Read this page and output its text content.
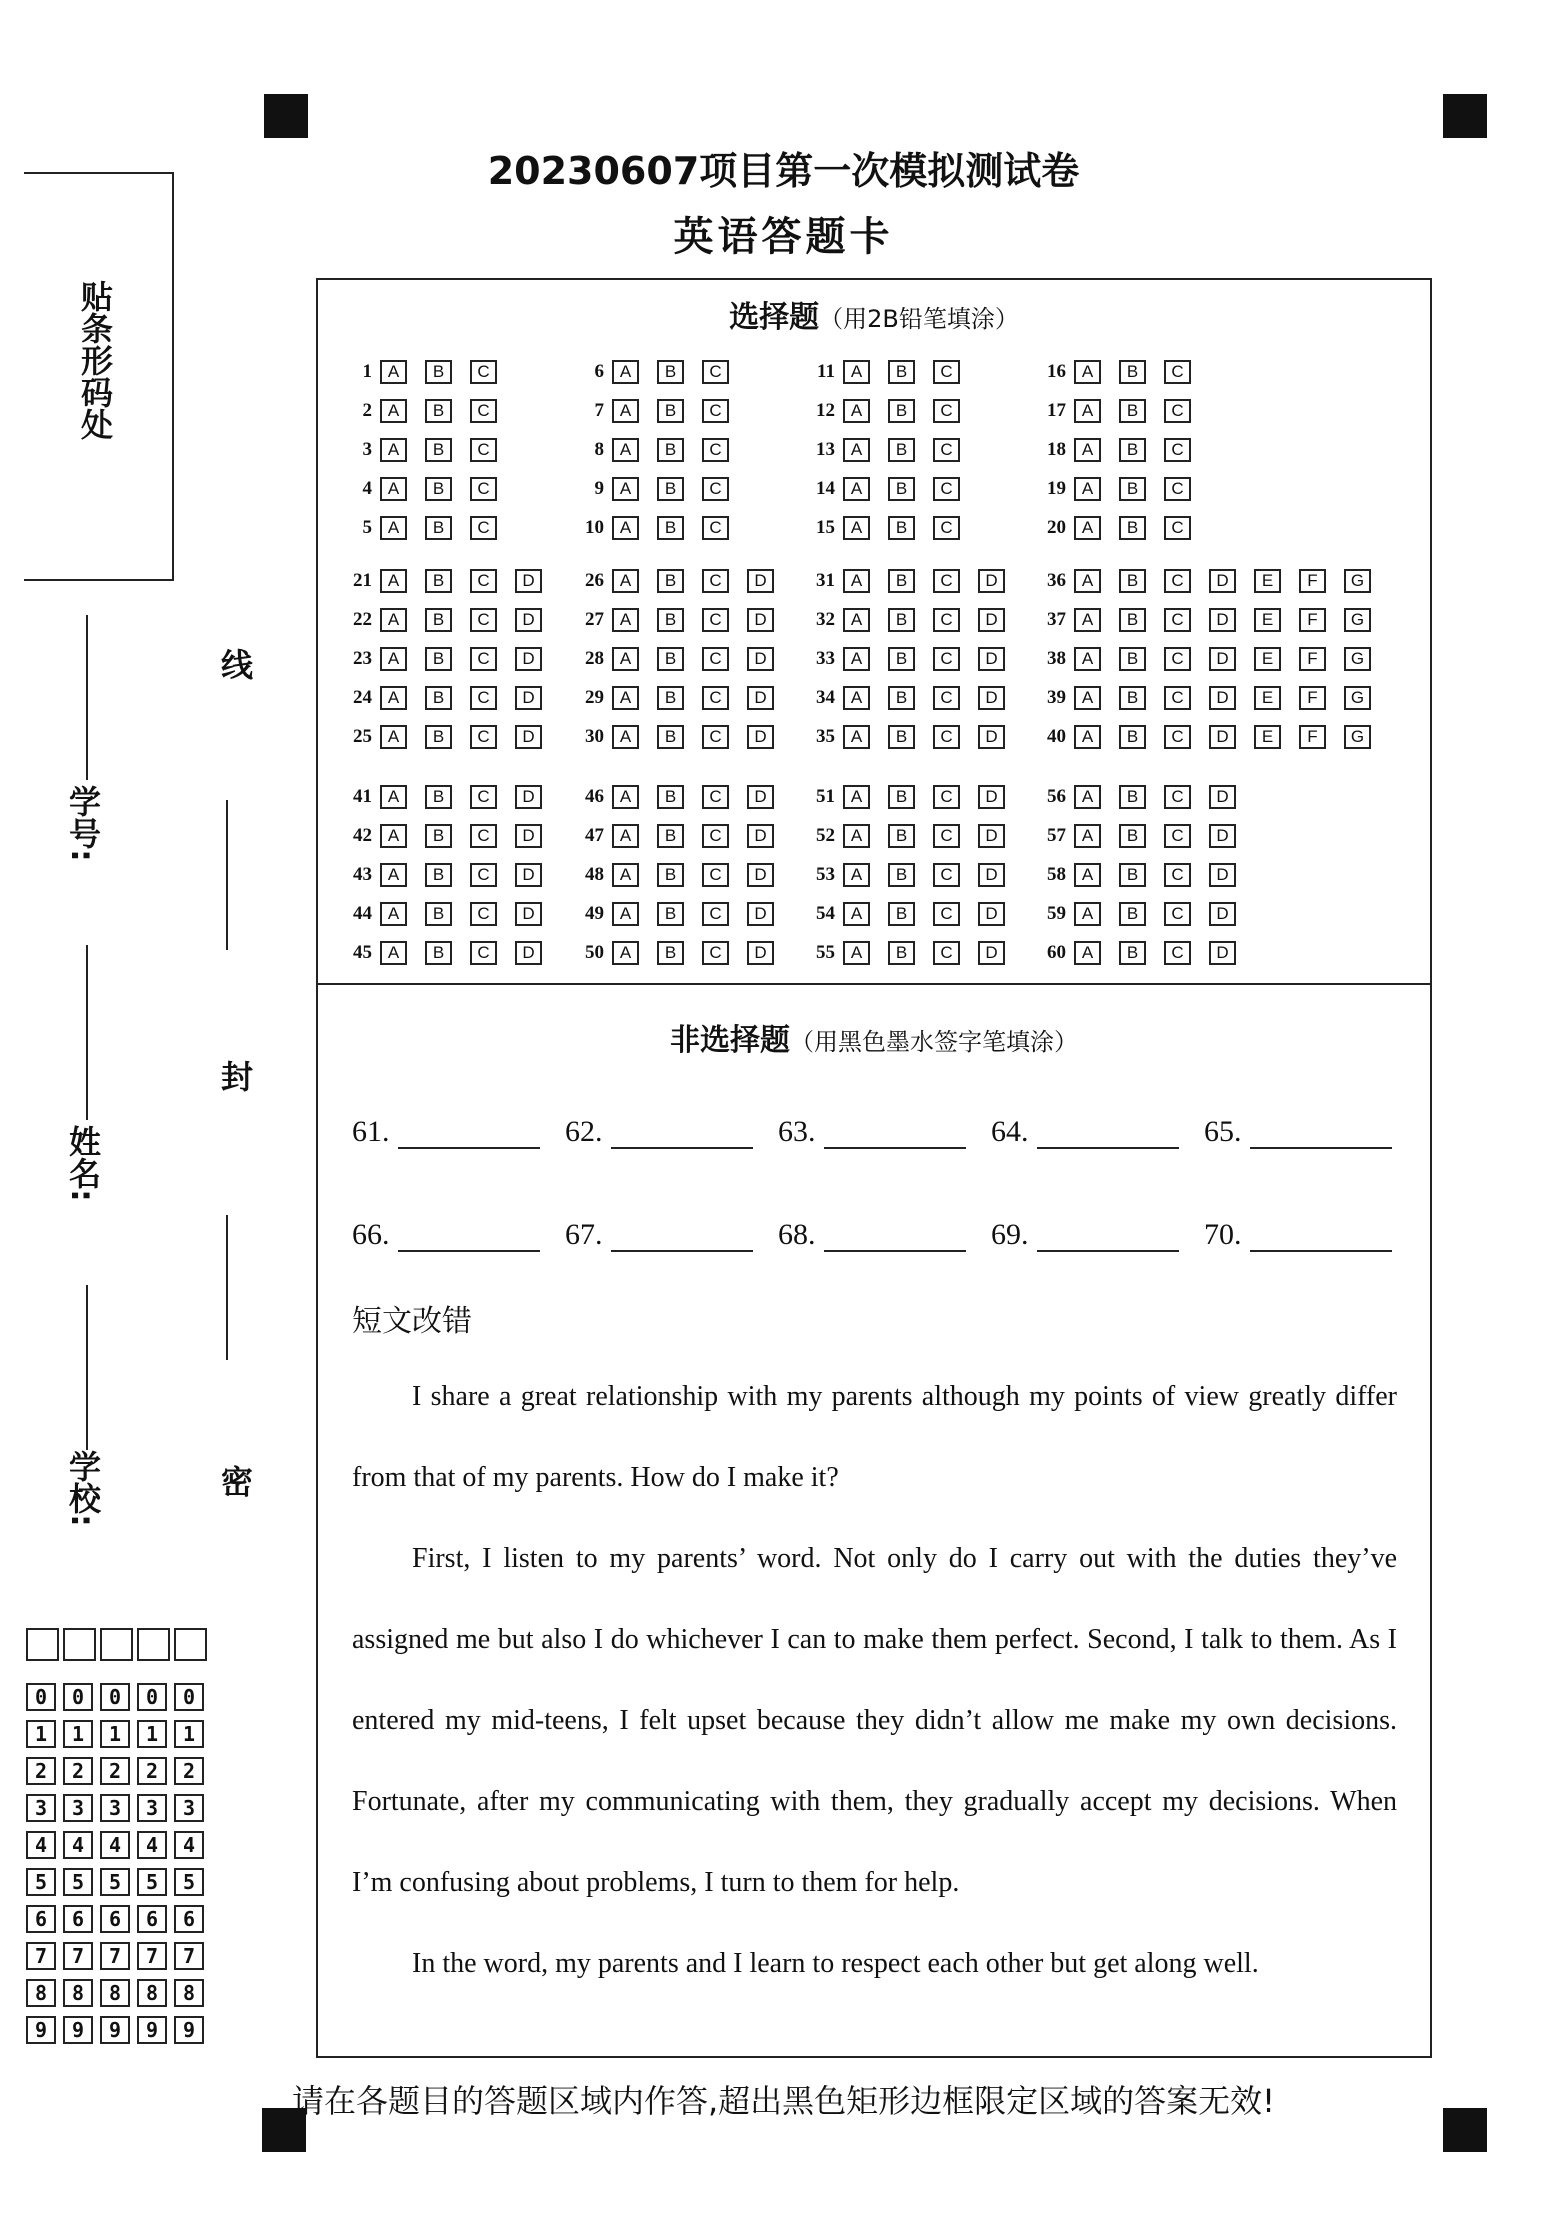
20230607项目第一次模拟测试卷
英语答题卡
贴条形码处
学号:
姓名:
学校:
线
封
密
0	0	0	0	0
1	1	1	1	1
2	2	2	2	2
3	3	3	3	3
4	4	4	4	4
5	5	5	5	5
6	6	6	6	6
7	7	7	7	7
8	8	8	8	8
9	9	9	9	9
选择题（用2B铅笔填涂）
非选择题（用黑色墨水签字笔填涂）
短文改错
I share a great relationship with my parents although my points of view greatly differ from that of my parents. How do I make it?
First, I listen to my parents’ word. Not only do I carry out with the duties they’ve assigned me but also I do whichever I can to make them perfect. Second, I talk to them. As I entered my mid-teens, I felt upset because they didn’t allow me make my own decisions. Fortunate, after my communicating with them, they gradually accept my decisions. When I’m confusing about problems, I turn to them for help.
In the word, my parents and I learn to respect each other but get along well.
1 A	B	C
2 A	B	C
3 A	B	C
4 A	B	C
5 A	B	C
6 A	B	C
7 A	B	C
8 A	B	C
9 A	B	C
10 A	B	C
11 A	B	C
12 A	B	C
13 A	B	C
14 A	B	C
15 A	B	C
16 A	B	C
17 A	B	C
18 A	B	C
19 A	B	C
20 A	B	C
21 A	B	C	D
22 A	B	C	D
23 A	B	C	D
24 A	B	C	D
25 A	B	C	D
26 A	B	C	D
27 A	B	C	D
28 A	B	C	D
29 A	B	C	D
30 A	B	C	D
31 A	B	C	D
32 A	B	C	D
33 A	B	C	D
34 A	B	C	D
35 A	B	C	D
36 A	B	C	D	E	F	G
37 A	B	C	D	E	F	G
38 A	B	C	D	E	F	G
39 A	B	C	D	E	F	G
40 A	B	C	D	E	F	G
41 A	B	C	D
42 A	B	C	D
43 A	B	C	D
44 A	B	C	D
45 A	B	C	D
46 A	B	C	D
47 A	B	C	D
48 A	B	C	D
49 A	B	C	D
50 A	B	C	D
51 A	B	C	D
52 A	B	C	D
53 A	B	C	D
54 A	B	C	D
55 A	B	C	D
56 A	B	C	D
57 A	B	C	D
58 A	B	C	D
59 A	B	C	D
60 A	B	C	D
61.	62.	63.	64.	65.
66.	67.	68.	69.	70.
请在各题目的答题区域内作答,超出黑色矩形边框限定区域的答案无效!
